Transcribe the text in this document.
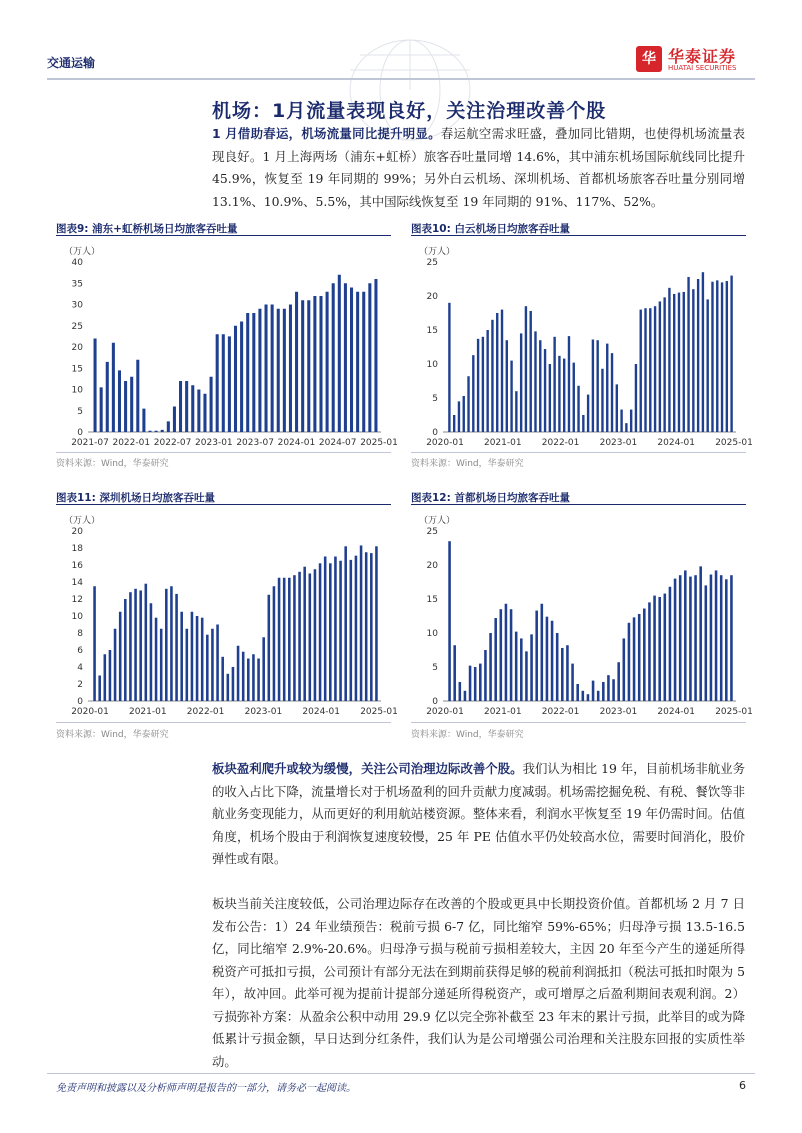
交通运输	华 华泰证券
HUATAI SECURITIES
机场：1月流量表现良好，关注治理改善个股
1 月借助春运，机场流量同比提升明显。春运航空需求旺盛，叠加同比错期，也使得机场流量表现良好。1 月上海两场（浦东+虹桥）旅客吞吐量同增 14.6%，其中浦东机场国际航线同比提升 45.9%，恢复至 19 年同期的 99%；另外白云机场、深圳机场、首都机场旅客吞吐量分别同增 13.1%、10.9%、5.5%，其中国际线恢复至 19 年同期的 91%、117%、52%。
图表9: 浦东+虹桥机场日均旅客吞吐量
（万人）
0
5
10
15
20
25
30
35
40
2021-07 2022-01 2022-07 2023-01 2023-07 2024-01 2024-07 2025-01
资料来源：Wind，华泰研究
图表10: 白云机场日均旅客吞吐量
（万人）
0
5
10
15
20
25
2020-01 2021-01 2022-01 2023-01 2024-01 2025-01
资料来源：Wind，华泰研究
图表11: 深圳机场日均旅客吞吐量
（万人）
0
2
4
6
8
10
12
14
16
18
20
2020-01 2021-01 2022-01 2023-01 2024-01 2025-01
资料来源：Wind，华泰研究
图表12: 首都机场日均旅客吞吐量
（万人）
0
5
10
15
20
25
2020-01 2021-01 2022-01 2023-01 2024-01 2025-01
资料来源：Wind，华泰研究
板块盈利爬升或较为缓慢，关注公司治理边际改善个股。我们认为相比 19 年，目前机场非航业务的收入占比下降，流量增长对于机场盈利的回升贡献力度减弱。机场需挖掘免税、有税、餐饮等非航业务变现能力，从而更好的利用航站楼资源。整体来看，利润水平恢复至 19 年仍需时间。估值角度，机场个股由于利润恢复速度较慢，25 年 PE 估值水平仍处较高水位，需要时间消化，股价弹性或有限。
板块当前关注度较低，公司治理边际存在改善的个股或更具中长期投资价值。首都机场 2 月 7 日发布公告：1）24 年业绩预告：税前亏损 6-7 亿，同比缩窄 59%-65%；归母净亏损 13.5-16.5 亿，同比缩窄 2.9%-20.6%。归母净亏损与税前亏损相差较大，主因 20 年至今产生的递延所得税资产可抵扣亏损，公司预计有部分无法在到期前获得足够的税前利润抵扣（税法可抵扣时限为 5 年），故冲回。此举可视为提前计提部分递延所得税资产，或可增厚之后盈利期间表观利润。2）亏损弥补方案：从盈余公积中动用 29.9 亿以完全弥补截至 23 年末的累计亏损，此举目的或为降低累计亏损金额，早日达到分红条件，我们认为是公司增强公司治理和关注股东回报的实质性举动。
免责声明和披露以及分析师声明是报告的一部分，请务必一起阅读。	6
